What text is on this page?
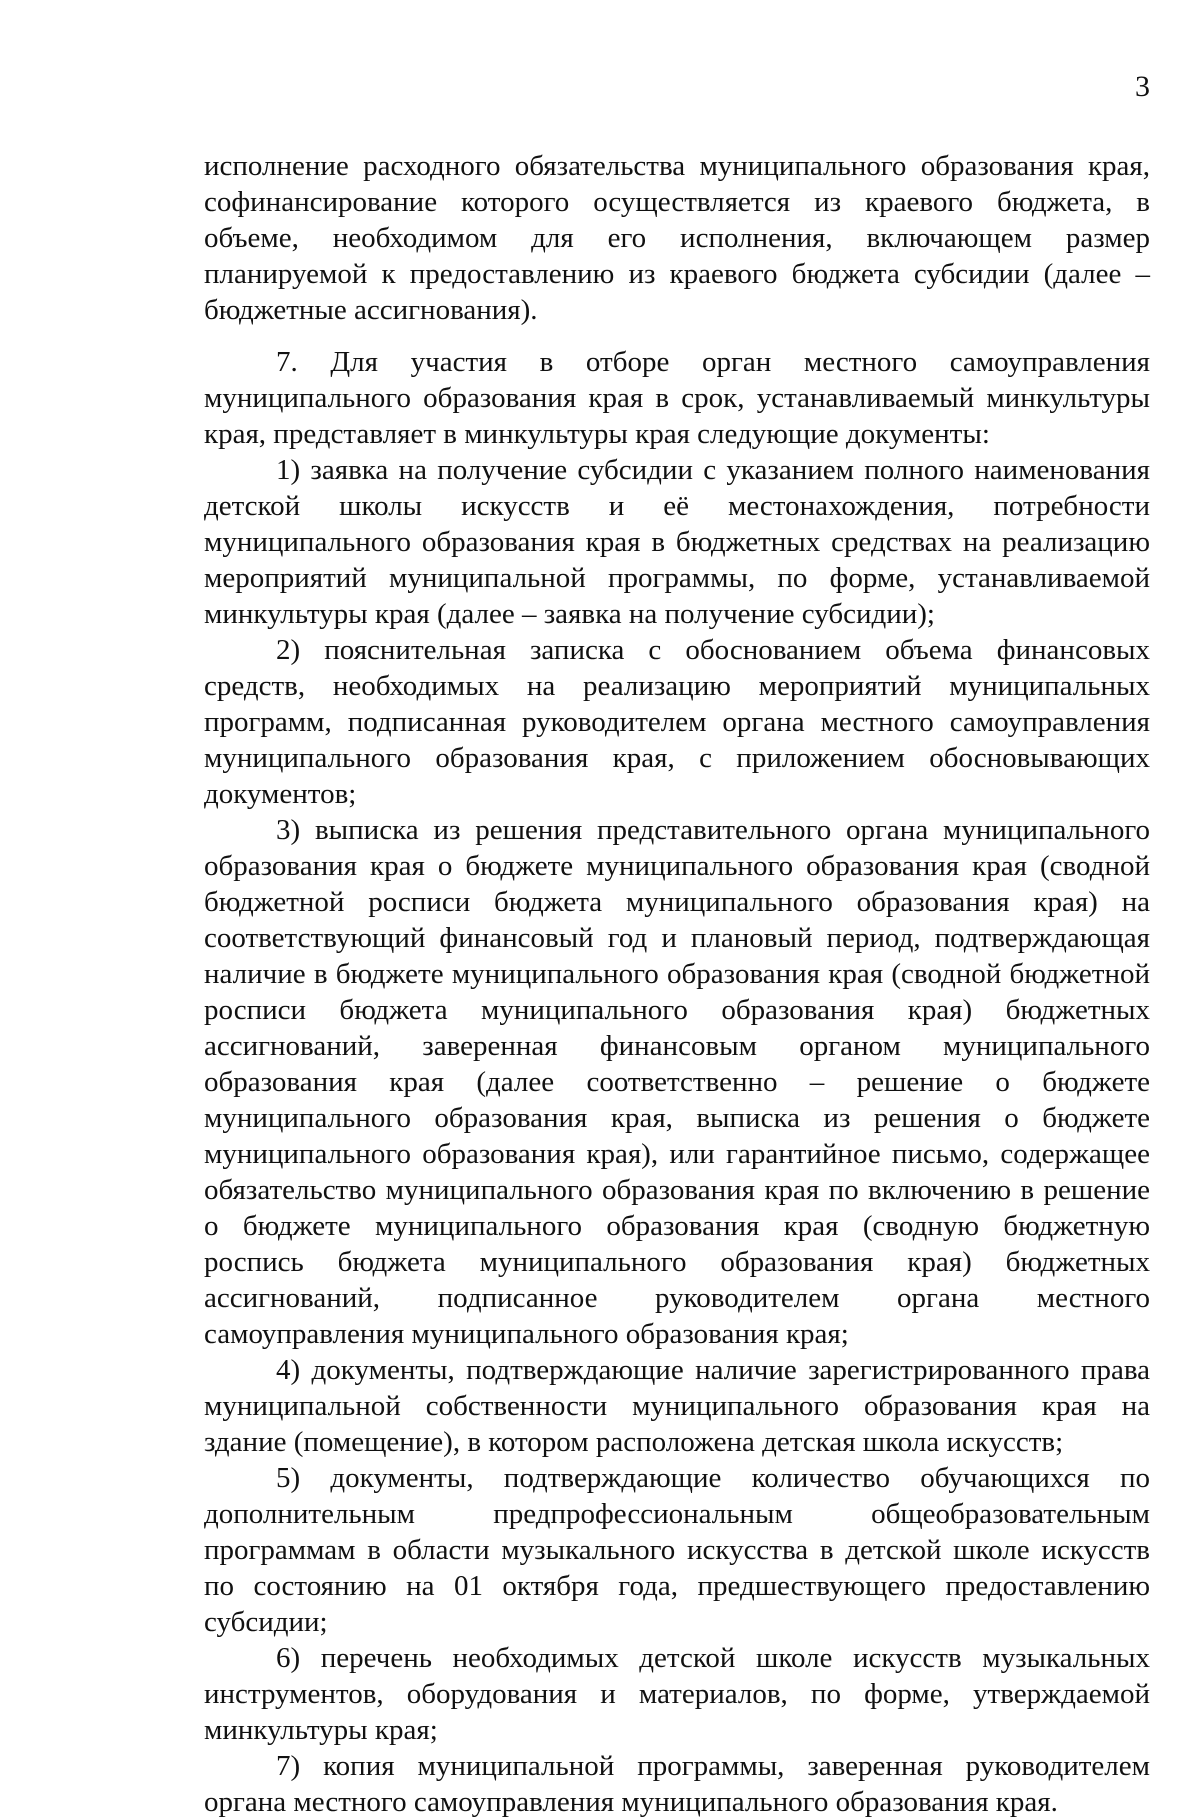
3

исполнение расходного обязательства муниципального образования края, софинансирование которого осуществляется из краевого бюджета, в объеме, необходимом для его исполнения, включающем размер планируемой к предоставлению из краевого бюджета субсидии (далее – бюджетные ассигнования).

7. Для участия в отборе орган местного самоуправления муниципального образования края в срок, устанавливаемый минкультуры края, представляет в минкультуры края следующие документы:

1) заявка на получение субсидии с указанием полного наименования детской школы искусств и её местонахождения, потребности муниципального образования края в бюджетных средствах на реализацию мероприятий муниципальной программы, по форме, устанавливаемой минкультуры края (далее – заявка на получение субсидии);

2) пояснительная записка с обоснованием объема финансовых средств, необходимых на реализацию мероприятий муниципальных программ, подписанная руководителем органа местного самоуправления муниципального образования края, с приложением обосновывающих документов;

3) выписка из решения представительного органа муниципального образования края о бюджете муниципального образования края (сводной бюджетной росписи бюджета муниципального образования края) на соответствующий финансовый год и плановый период, подтверждающая наличие в бюджете муниципального образования края (сводной бюджетной росписи бюджета муниципального образования края) бюджетных ассигнований, заверенная финансовым органом муниципального образования края (далее соответственно – решение о бюджете муниципального образования края, выписка из решения о бюджете муниципального образования края), или гарантийное письмо, содержащее обязательство муниципального образования края по включению в решение о бюджете муниципального образования края (сводную бюджетную роспись бюджета муниципального образования края) бюджетных ассигнований, подписанное руководителем органа местного самоуправления муниципального образования края;

4) документы, подтверждающие наличие зарегистрированного права муниципальной собственности муниципального образования края на здание (помещение), в котором расположена детская школа искусств;

5) документы, подтверждающие количество обучающихся по дополнительным предпрофессиональным общеобразовательным программам в области музыкального искусства в детской школе искусств по состоянию на 01 октября года, предшествующего предоставлению субсидии;

6) перечень необходимых детской школе искусств музыкальных инструментов, оборудования и материалов, по форме, утверждаемой минкультуры края;

7) копия муниципальной программы, заверенная руководителем органа местного самоуправления муниципального образования края.
